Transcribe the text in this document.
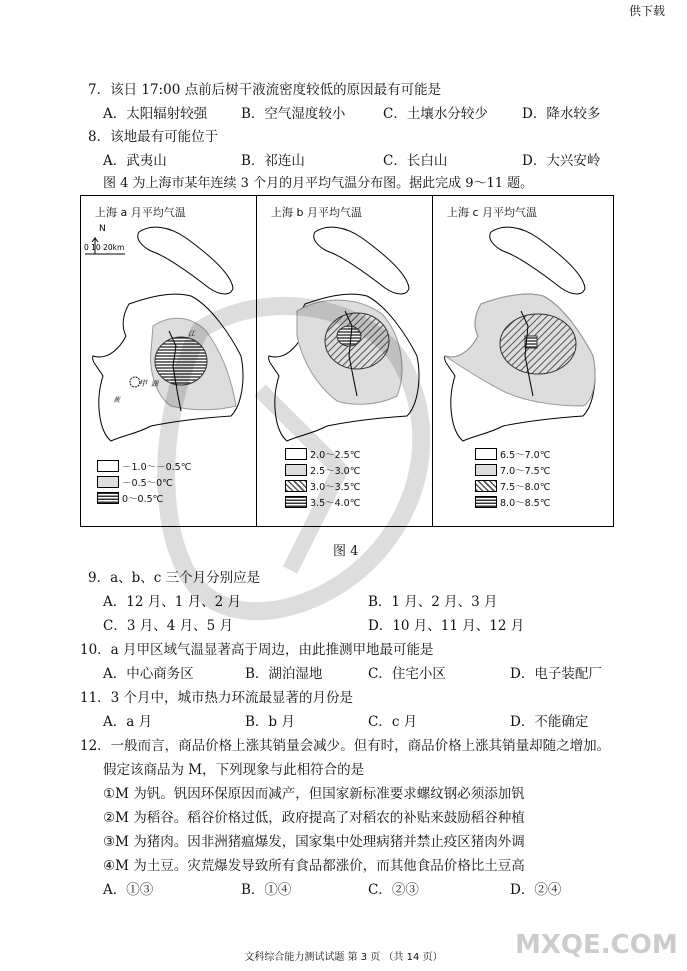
供下载
7．该日 17:00 点前后树干液流密度较低的原因最有可能是
A．太阳辐射较强	B．空气湿度较小	C．土壤水分较少	D．降水较多
8．该地最有可能位于
A．武夷山	B．祁连山	C．长白山	D．大兴安岭
图 4 为上海市某年连续 3 个月的月平均气温分布图。据此完成 9～11 题。
上海 a 月平均气温
N
0 10 20km
甲
黄
湖
江
－1.0～－0.5℃
－0.5～0℃
0～0.5℃
上海 b 月平均气温
2.0～2.5℃
2.5～3.0℃
3.0～3.5℃
3.5～4.0℃
上海 c 月平均气温
6.5～7.0℃
7.0～7.5℃
7.5～8.0℃
8.0～8.5℃
图 4
9．a、b、c 三个月分别应是
A．12 月、1 月、2 月	B．1 月、2 月、3 月
C．3 月、4 月、5 月	D．10 月、11 月、12 月
10．a 月甲区域气温显著高于周边，由此推测甲地最可能是
A．中心商务区	B．湖泊湿地	C．住宅小区	D．电子装配厂
11．3 个月中，城市热力环流最显著的月份是
A．a 月	B．b 月	C．c 月	D．不能确定
12．一般而言，商品价格上涨其销量会减少。但有时，商品价格上涨其销量却随之增加。
假定该商品为 M，下列现象与此相符合的是
①M 为钒。钒因环保原因而减产，但国家新标准要求螺纹钢必须添加钒
②M 为稻谷。稻谷价格过低，政府提高了对稻农的补贴来鼓励稻谷种植
③M 为猪肉。因非洲猪瘟爆发，国家集中处理病猪并禁止疫区猪肉外调
④M 为土豆。灾荒爆发导致所有食品都涨价，而其他食品价格比土豆高
A．①③	B．①④	C．②③	D．②④
MXQE.COM
文科综合能力测试试题 第 3 页 （共 14 页）
